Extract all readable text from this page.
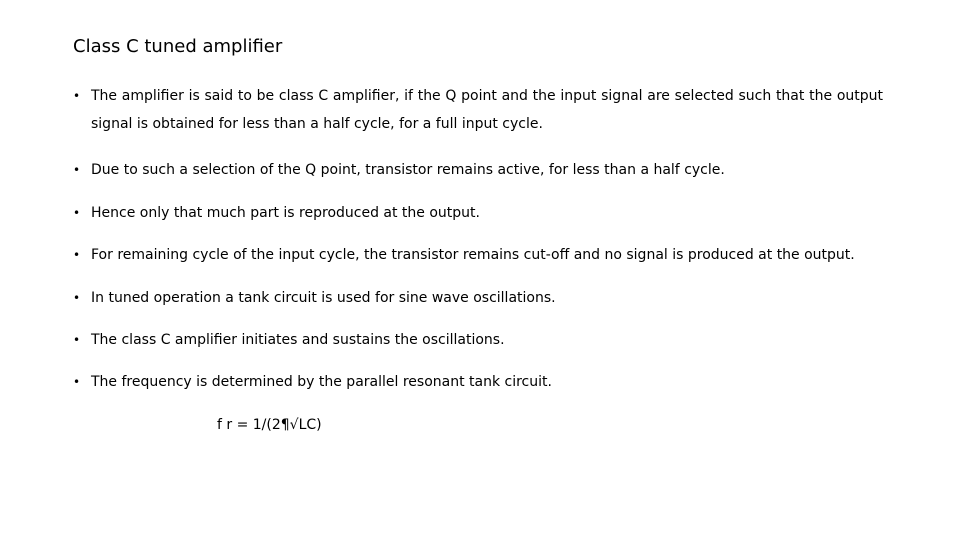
Class C tuned amplifier
• The amplifier is said to be class C amplifier, if the Q point and the input signal are selected such that the output signal is obtained for less than a half cycle, for a full input cycle.
• Due to such a selection of the Q point, transistor remains active, for less than a half cycle.
• Hence only that much part is reproduced at the output.
• For remaining cycle of the input cycle, the transistor remains cut-off and no signal is produced at the output.
• In tuned operation a tank circuit is used for sine wave oscillations.
• The class C amplifier initiates and sustains the oscillations.
• The frequency is determined by the parallel resonant tank circuit.
f r = 1/(2¶√LC)
